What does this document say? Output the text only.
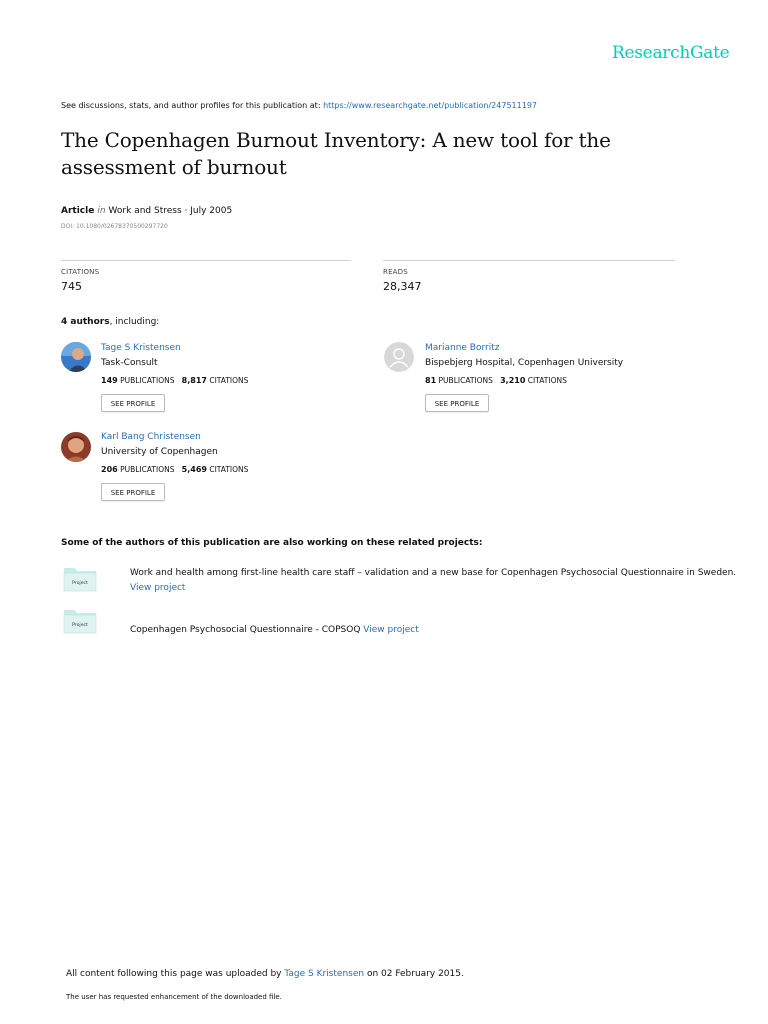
ResearchGate
See discussions, stats, and author profiles for this publication at: https://www.researchgate.net/publication/247511197
The Copenhagen Burnout Inventory: A new tool for the assessment of burnout
Article in Work and Stress · July 2005
DOI: 10.1080/02678370500297720
CITATIONS
745
READS
28,347
4 authors, including:
Tage S Kristensen
Task-Consult
149 PUBLICATIONS 8,817 CITATIONS
SEE PROFILE
Marianne Borritz
Bispebjerg Hospital, Copenhagen University
81 PUBLICATIONS 3,210 CITATIONS
SEE PROFILE
Karl Bang Christensen
University of Copenhagen
206 PUBLICATIONS 5,469 CITATIONS
SEE PROFILE
Some of the authors of this publication are also working on these related projects:
Project
Work and health among first-line health care staff – validation and a new base for Copenhagen Psychosocial Questionnaire in Sweden.
View project
Project	Copenhagen Psychosocial Questionnaire - COPSOQ View project
All content following this page was uploaded by Tage S Kristensen on 02 February 2015.
The user has requested enhancement of the downloaded file.
